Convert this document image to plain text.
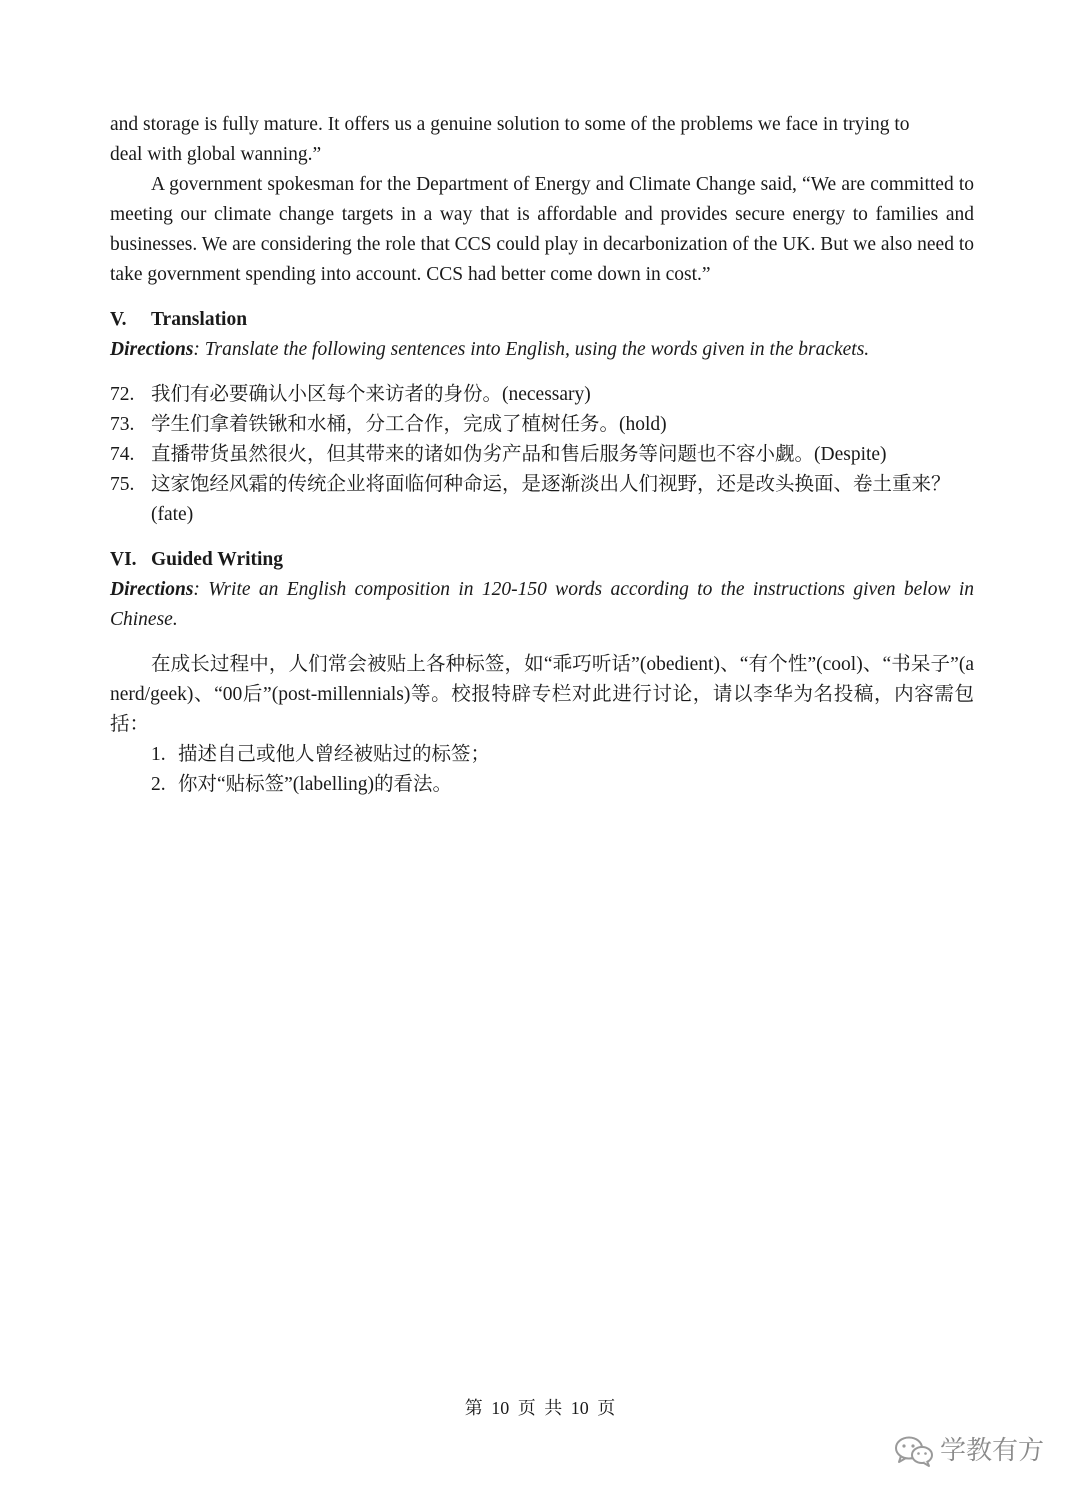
and storage is fully mature. It offers us a genuine solution to some of the problems we face in trying to

deal with global wanning.”

A government spokesman for the Department of Energy and Climate Change said, “We are committed to meeting our climate change targets in a way that is affordable and provides secure energy to families and businesses. We are considering the role that CCS could play in decarbonization of the UK. But we also need to take government spending into account. CCS had better come down in cost.”

V. Translation

Directions: Translate the following sentences into English, using the words given in the brackets.

72. 我们有必要确认小区每个来访者的身份。(necessary)
73. 学生们拿着铁锹和水桶，分工合作，完成了植树任务。(hold)
74. 直播带货虽然很火，但其带来的诸如伪劣产品和售后服务等问题也不容小觑。(Despite)
75. 这家饱经风霜的传统企业将面临何种命运，是逐渐淡出人们视野，还是改头换面、卷土重来？(fate)
VI. Guided Writing

Directions: Write an English composition in 120-150 words according to the instructions given below in Chinese.

在成长过程中，人们常会被贴上各种标签，如“乖巧听话”(obedient)、“有个性”(cool)、“书呆子”(a nerd/geek)、“00后”(post-millennials)等。校报特辟专栏对此进行讨论，请以李华为名投稿，内容需包括：

1. 描述自己或他人曾经被贴过的标签；
2. 你对“贴标签”(labelling)的看法。
第 10 页 共 10 页
学教有方
